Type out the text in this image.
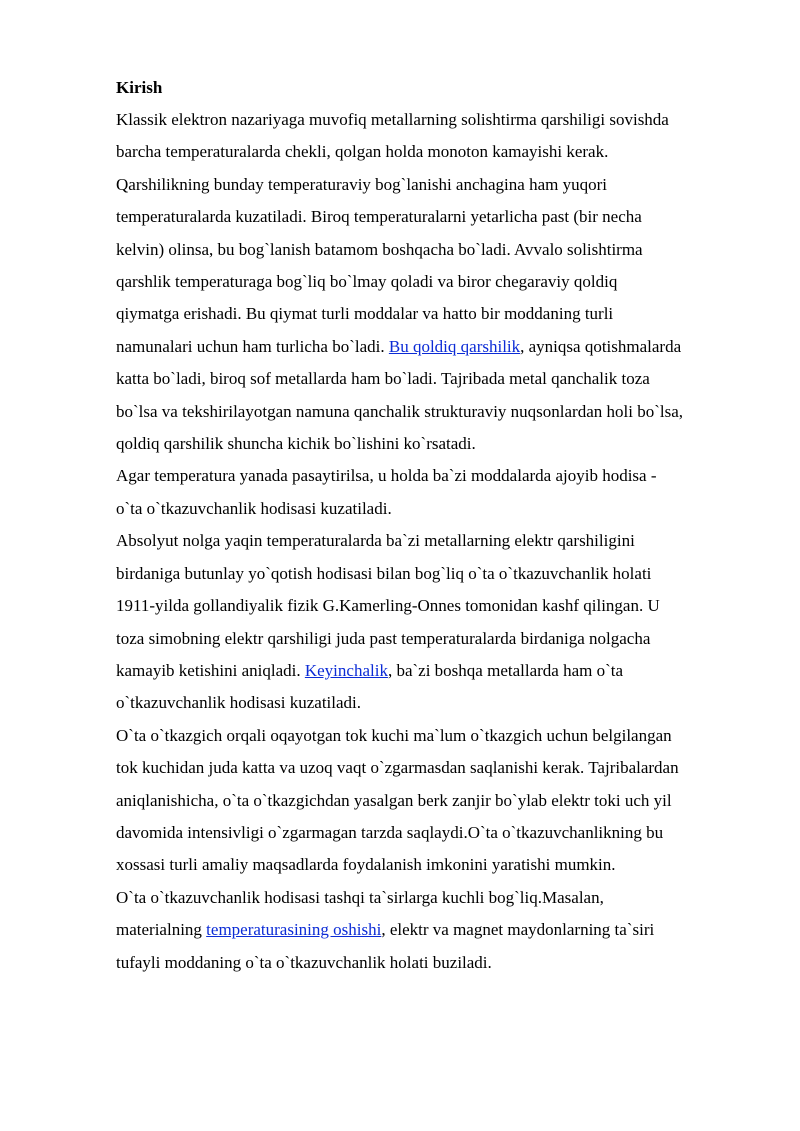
Kirish

Klassik elektron nazariyaga muvofiq metallarning solishtirma qarshiligi sovishda
barcha temperaturalarda chekli, qolgan holda monoton kamayishi kerak.
Qarshilikning bunday temperaturaviy bog`lanishi anchagina ham yuqori
temperaturalarda kuzatiladi. Biroq temperaturalarni yetarlicha past (bir necha
kelvin) olinsa, bu bog`lanish batamom boshqacha bo`ladi. Avvalo solishtirma
qarshlik temperaturaga bog`liq bo`lmay qoladi va biror chegaraviy qoldiq
qiymatga erishadi. Bu qiymat turli moddalar va hatto bir moddaning turli
namunalari uchun ham turlicha bo`ladi. Bu qoldiq qarshilik, ayniqsa qotishmalarda
katta bo`ladi, biroq sof metallarda ham bo`ladi. Tajribada metal qanchalik toza
bo`lsa va tekshirilayotgan namuna qanchalik strukturaviy nuqsonlardan holi bo`lsa,
qoldiq qarshilik shuncha kichik bo`lishini ko`rsatadi.

Agar temperatura yanada pasaytirilsa, u holda ba`zi moddalarda ajoyib hodisa -
o`ta o`tkazuvchanlik hodisasi kuzatiladi.

Absolyut nolga yaqin temperaturalarda ba`zi metallarning elektr qarshiligini
birdaniga butunlay yo`qotish hodisasi bilan bog`liq o`ta o`tkazuvchanlik holati
1911-yilda gollandiyalik fizik G.Kamerling-Onnes tomonidan kashf qilingan. U
toza simobning elektr qarshiligi juda past temperaturalarda birdaniga nolgacha
kamayib ketishini aniqladi. Keyinchalik, ba`zi boshqa metallarda ham o`ta
o`tkazuvchanlik hodisasi kuzatiladi.

O`ta o`tkazgich orqali oqayotgan tok kuchi ma`lum o`tkazgich uchun belgilangan
tok kuchidan juda katta va uzoq vaqt o`zgarmasdan saqlanishi kerak. Tajribalardan
aniqlanishicha, o`ta o`tkazgichdan yasalgan berk zanjir bo`ylab elektr toki uch yil
davomida intensivligi o`zgarmagan tarzda saqlaydi.O`ta o`tkazuvchanlikning bu
xossasi turli amaliy maqsadlarda foydalanish imkonini yaratishi mumkin.

O`ta o`tkazuvchanlik hodisasi tashqi ta`sirlarga kuchli bog`liq.Masalan,
materialning temperaturasining oshishi, elektr va magnet maydonlarning ta`siri
tufayli moddaning o`ta o`tkazuvchanlik holati buziladi.
